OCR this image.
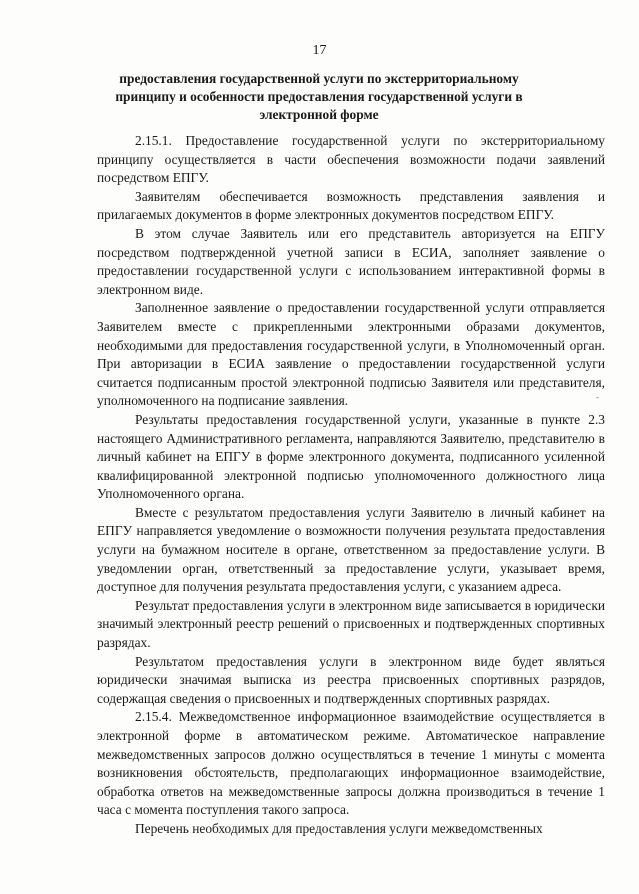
17
предоставления государственной услуги по экстерриториальному принципу и особенности предоставления государственной услуги в электронной форме

2.15.1. Предоставление государственной услуги по экстерриториальному принципу осуществляется в части обеспечения возможности подачи заявлений посредством ЕПГУ.

Заявителям обеспечивается возможность представления заявления и прилагаемых документов в форме электронных документов посредством ЕПГУ.

В этом случае Заявитель или его представитель авторизуется на ЕПГУ посредством подтвержденной учетной записи в ЕСИА, заполняет заявление о предоставлении государственной услуги с использованием интерактивной формы в электронном виде.

Заполненное заявление о предоставлении государственной услуги отправляется Заявителем вместе с прикрепленными электронными образами документов, необходимыми для предоставления государственной услуги, в Уполномоченный орган. При авторизации в ЕСИА заявление о предоставлении государственной услуги считается подписанным простой электронной подписью Заявителя или представителя, уполномоченного на подписание заявления.

Результаты предоставления государственной услуги, указанные в пункте 2.3 настоящего Административного регламента, направляются Заявителю, представителю в личный кабинет на ЕПГУ в форме электронного документа, подписанного усиленной квалифицированной электронной подписью уполномоченного должностного лица Уполномоченного органа.

Вместе с результатом предоставления услуги Заявителю в личный кабинет на ЕПГУ направляется уведомление о возможности получения результата предоставления услуги на бумажном носителе в органе, ответственном за предоставление услуги. В уведомлении орган, ответственный за предоставление услуги, указывает время, доступное для получения результата предоставления услуги, с указанием адреса.

Результат предоставления услуги в электронном виде записывается в юридически значимый электронный реестр решений о присвоенных и подтвержденных спортивных разрядах.

Результатом предоставления услуги в электронном виде будет являться юридически значимая выписка из реестра присвоенных спортивных разрядов, содержащая сведения о присвоенных и подтвержденных спортивных разрядах.

2.15.4. Межведомственное информационное взаимодействие осуществляется в электронной форме в автоматическом режиме. Автоматическое направление межведомственных запросов должно осуществляться в течение 1 минуты с момента возникновения обстоятельств, предполагающих информационное взаимодействие, обработка ответов на межведомственные запросы должна производиться в течение 1 часа с момента поступления такого запроса.

Перечень необходимых для предоставления услуги межведомственных

-
